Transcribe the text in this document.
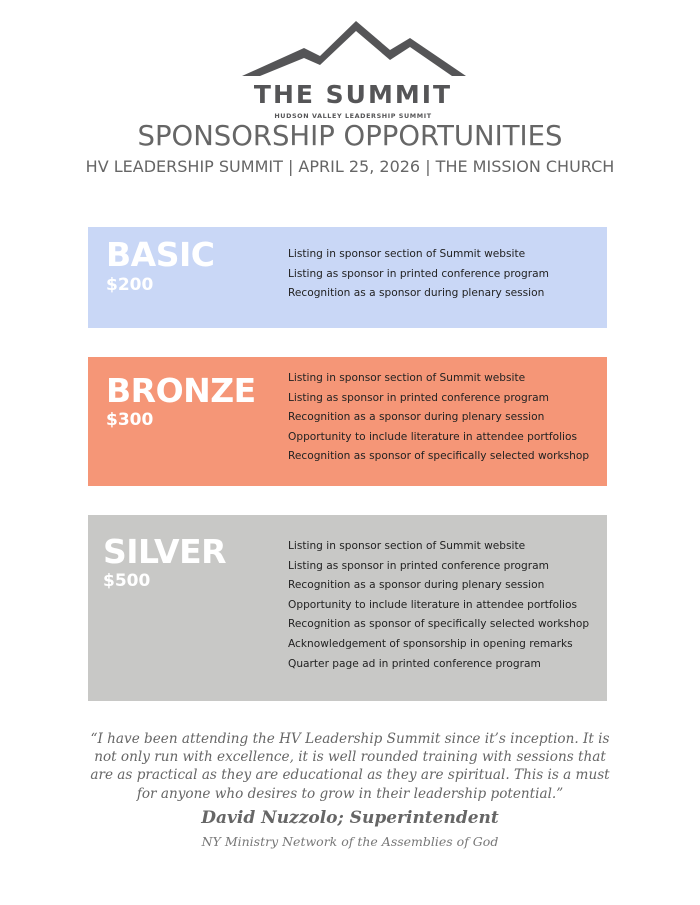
THE SUMMIT
HUDSON VALLEY LEADERSHIP SUMMIT
SPONSORSHIP OPPORTUNITIES
HV LEADERSHIP SUMMIT | APRIL 25, 2026 | THE MISSION CHURCH
BASIC
$200
Listing in sponsor section of Summit website
Listing as sponsor in printed conference program
Recognition as a sponsor during plenary session
BRONZE
$300
Listing in sponsor section of Summit website
Listing as sponsor in printed conference program
Recognition as a sponsor during plenary session
Opportunity to include literature in attendee portfolios
Recognition as sponsor of specifically selected workshop
SILVER
$500
Listing in sponsor section of Summit website
Listing as sponsor in printed conference program
Recognition as a sponsor during plenary session
Opportunity to include literature in attendee portfolios
Recognition as sponsor of specifically selected workshop
Acknowledgement of sponsorship in opening remarks
Quarter page ad in printed conference program
“I have been attending the HV Leadership Summit since it’s inception. It is not only run with excellence, it is well rounded training with sessions that are as practical as they are educational as they are spiritual. This is a must for anyone who desires to grow in their leadership potential.”
David Nuzzolo; Superintendent
NY Ministry Network of the Assemblies of God
